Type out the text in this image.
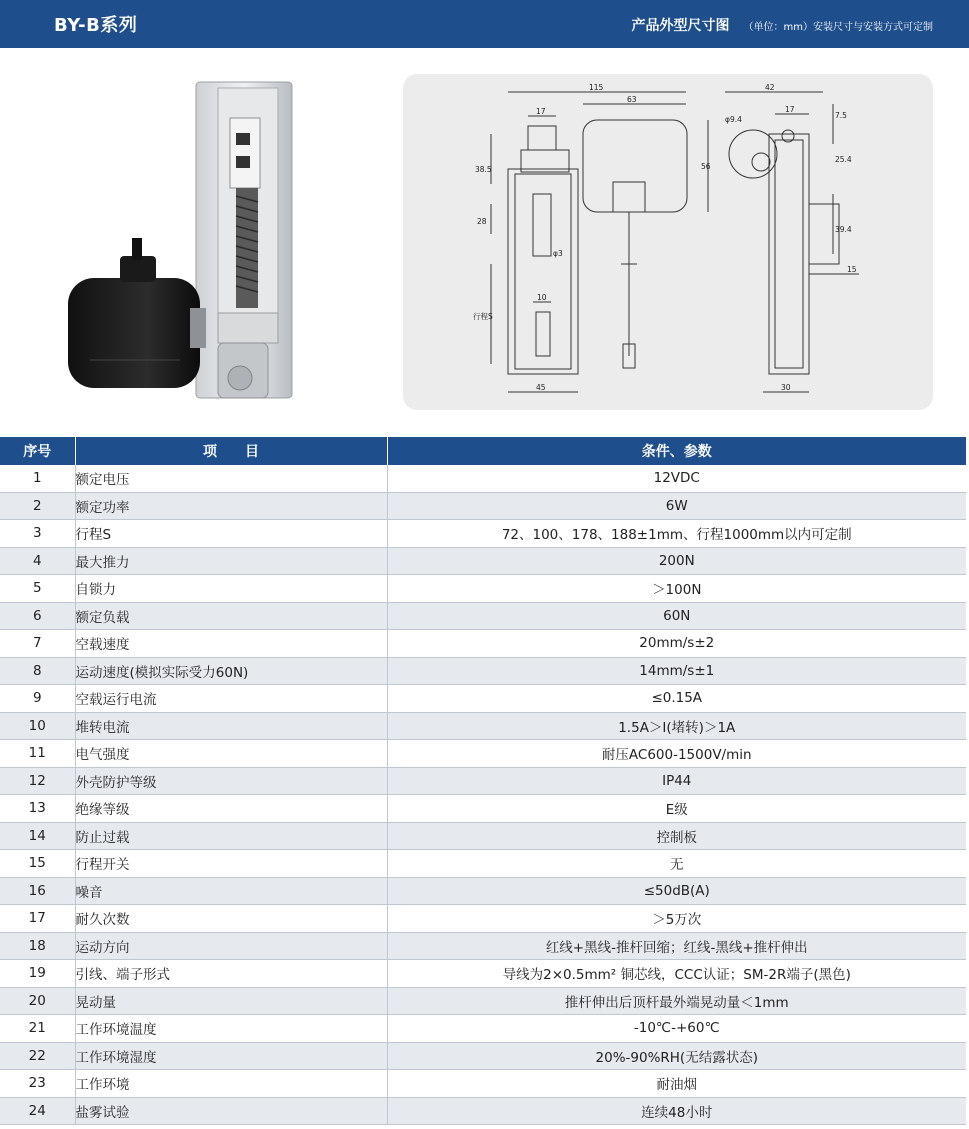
BY-B系列	产品外型尺寸图 （单位：mm）安装尺寸与安装方式可定制
115
63
42
17	17
7.5
φ9.4
56
38.5
25.4
28
39.4
15
10
行程S
45	30
φ3
序号	项　　目	条件、参数
1	额定电压	12VDC
2	额定功率	6W
3	行程S	72、100、178、188±1mm、行程1000mm以内可定制
4	最大推力	200N
5	自锁力	＞100N
6	额定负载	60N
7	空载速度	20mm/s±2
8	运动速度(模拟实际受力60N)	14mm/s±1
9	空载运行电流	≤0.15A
10	堆转电流	1.5A＞I(堵转)＞1A
11	电气强度	耐压AC600-1500V/min
12	外壳防护等级	IP44
13	绝缘等级	E级
14	防止过载	控制板
15	行程开关	无
16	噪音	≤50dB(A)
17	耐久次数	＞5万次
18	运动方向	红线+黑线-推杆回缩；红线-黑线+推杆伸出
19	引线、端子形式	导线为2×0.5mm² 铜芯线，CCC认证；SM-2R端子(黑色)
20	晃动量	推杆伸出后顶杆最外端晃动量＜1mm
21	工作环境温度	-10℃-+60℃
22	工作环境湿度	20%-90%RH(无结露状态)
23	工作环境	耐油烟
24	盐雾试验	连续48小时
